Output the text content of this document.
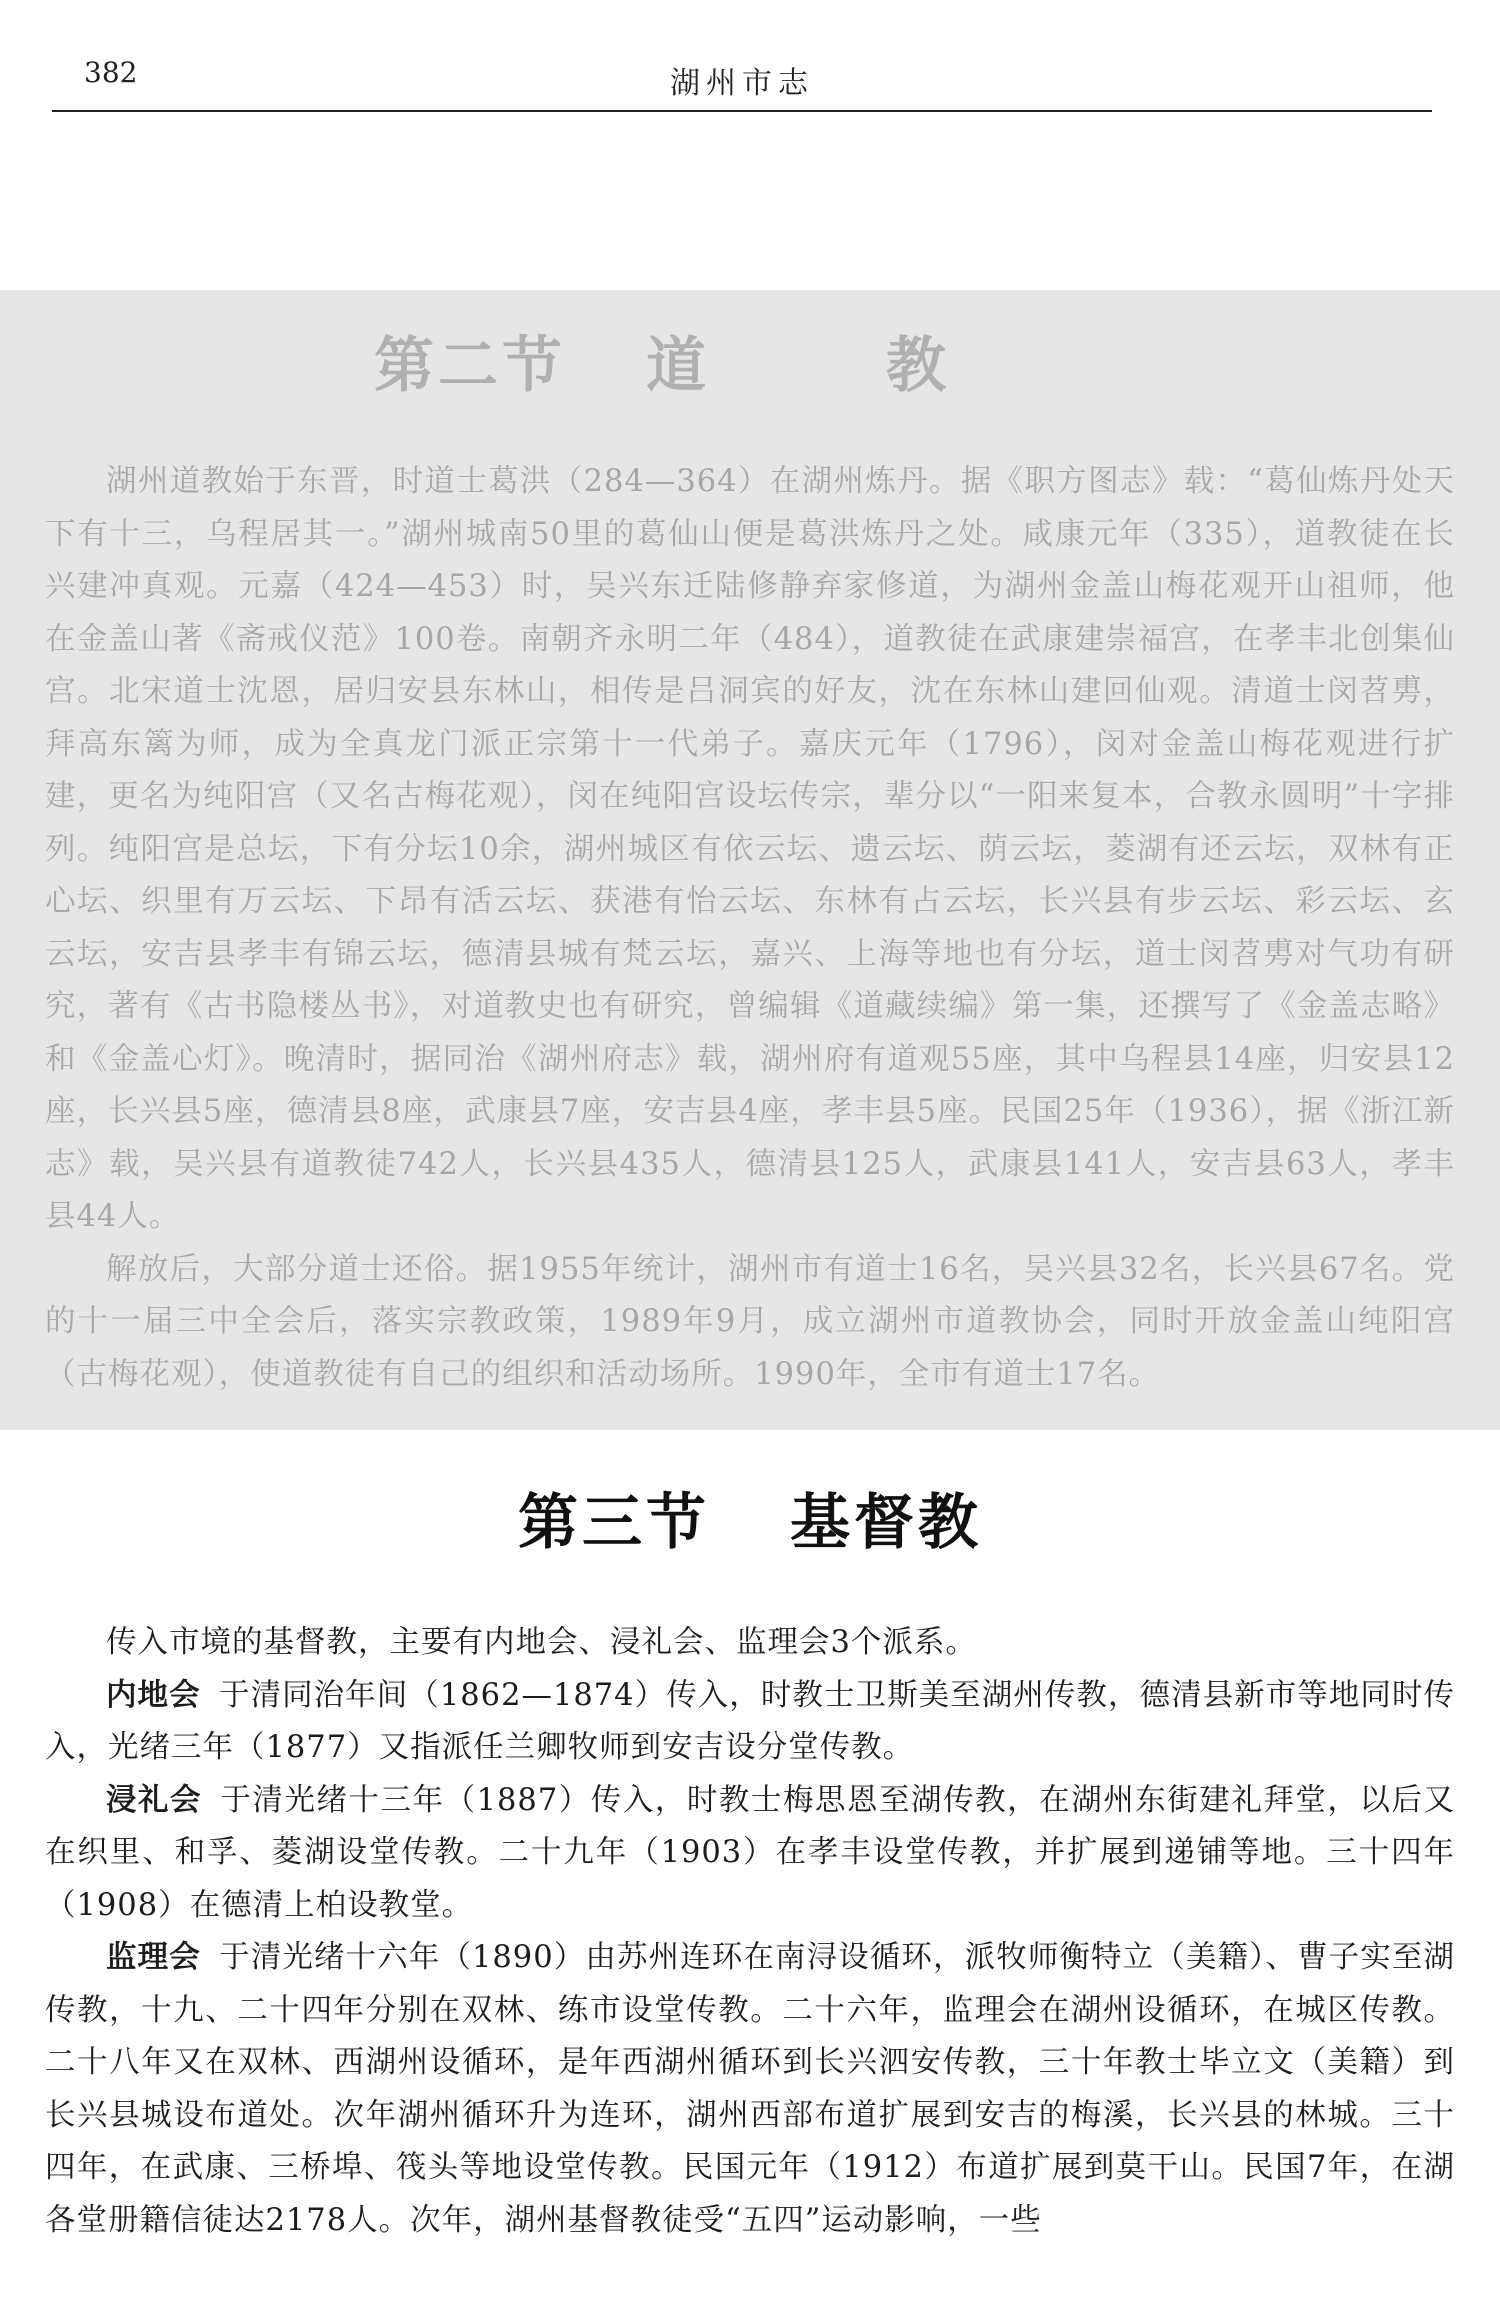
382	湖州市志
第二节 道教

湖州道教始于东晋，时道士葛洪（284—364）在湖州炼丹。据《职方图志》载：“葛仙炼丹处天下有十三，乌程居其一。”湖州城南50里的葛仙山便是葛洪炼丹之处。咸康元年（335），道教徒在长兴建冲真观。元嘉（424—453）时，吴兴东迁陆修静弃家修道，为湖州金盖山梅花观开山祖师，他在金盖山著《斋戒仪范》100卷。南朝齐永明二年（484），道教徒在武康建崇福宫，在孝丰北创集仙宫。北宋道士沈恩，居归安县东林山，相传是吕洞宾的好友，沈在东林山建回仙观。清道士闵苕旉，拜高东篱为师，成为全真龙门派正宗第十一代弟子。嘉庆元年（1796），闵对金盖山梅花观进行扩建，更名为纯阳宫（又名古梅花观），闵在纯阳宫设坛传宗，辈分以“一阳来复本，合教永圆明”十字排列。纯阳宫是总坛，下有分坛10余，湖州城区有依云坛、遗云坛、荫云坛，菱湖有还云坛，双林有正心坛、织里有万云坛、下昂有活云坛、获港有怡云坛、东林有占云坛，长兴县有步云坛、彩云坛、玄云坛，安吉县孝丰有锦云坛，德清县城有梵云坛，嘉兴、上海等地也有分坛，道士闵苕旉对气功有研究，著有《古书隐楼丛书》，对道教史也有研究，曾编辑《道藏续编》第一集，还撰写了《金盖志略》和《金盖心灯》。晚清时，据同治《湖州府志》载，湖州府有道观55座，其中乌程县14座，归安县12座，长兴县5座，德清县8座，武康县7座，安吉县4座，孝丰县5座。民国25年（1936），据《浙江新志》载，吴兴县有道教徒742人，长兴县435人，德清县125人，武康县141人，安吉县63人，孝丰县44人。

解放后，大部分道士还俗。据1955年统计，湖州市有道士16名，吴兴县32名，长兴县67名。党的十一届三中全会后，落实宗教政策，1989年9月，成立湖州市道教协会，同时开放金盖山纯阳宫（古梅花观），使道教徒有自己的组织和活动场所。1990年，全市有道士17名。

第三节 基督教

传入市境的基督教，主要有内地会、浸礼会、监理会3个派系。

内地会 于清同治年间（1862—1874）传入，时教士卫斯美至湖州传教，德清县新市等地同时传入，光绪三年（1877）又指派任兰卿牧师到安吉设分堂传教。

浸礼会 于清光绪十三年（1887）传入，时教士梅思恩至湖传教，在湖州东街建礼拜堂，以后又在织里、和孚、菱湖设堂传教。二十九年（1903）在孝丰设堂传教，并扩展到递铺等地。三十四年（1908）在德清上柏设教堂。

监理会 于清光绪十六年（1890）由苏州连环在南浔设循环，派牧师衡特立（美籍）、曹子实至湖传教，十九、二十四年分别在双林、练市设堂传教。二十六年，监理会在湖州设循环，在城区传教。二十八年又在双林、西湖州设循环，是年西湖州循环到长兴泗安传教，三十年教士毕立文（美籍）到长兴县城设布道处。次年湖州循环升为连环，湖州西部布道扩展到安吉的梅溪，长兴县的林城。三十四年，在武康、三桥埠、筏头等地设堂传教。民国元年（1912）布道扩展到莫干山。民国7年，在湖各堂册籍信徒达2178人。次年，湖州基督教徒受“五四”运动影响，一些
